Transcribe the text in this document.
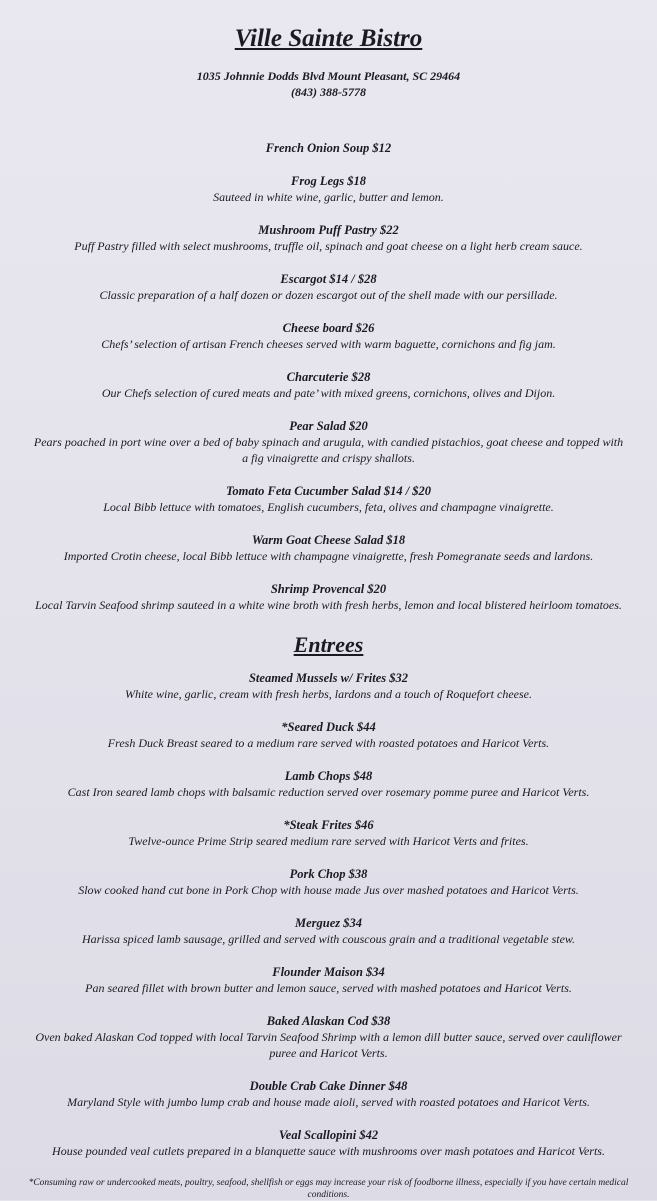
Ville Sainte Bistro
1035 Johnnie Dodds Blvd Mount Pleasant, SC 29464
(843) 388-5778
French Onion Soup $12
Frog Legs $18
Sauteed in white wine, garlic, butter and lemon.
Mushroom Puff Pastry $22
Puff Pastry filled with select mushrooms, truffle oil, spinach and goat cheese on a light herb cream sauce.
Escargot $14 / $28
Classic preparation of a half dozen or dozen escargot out of the shell made with our persillade.
Cheese board $26
Chefs’ selection of artisan French cheeses served with warm baguette, cornichons and fig jam.
Charcuterie $28
Our Chefs selection of cured meats and pate’ with mixed greens, cornichons, olives and Dijon.
Pear Salad $20
Pears poached in port wine over a bed of baby spinach and arugula, with candied pistachios, goat cheese and topped with a fig vinaigrette and crispy shallots.
Tomato Feta Cucumber Salad $14 / $20
Local Bibb lettuce with tomatoes, English cucumbers, feta, olives and champagne vinaigrette.
Warm Goat Cheese Salad $18
Imported Crotin cheese, local Bibb lettuce with champagne vinaigrette, fresh Pomegranate seeds and lardons.
Shrimp Provencal $20
Local Tarvin Seafood shrimp sauteed in a white wine broth with fresh herbs, lemon and local blistered heirloom tomatoes.
Entrees
Steamed Mussels w/ Frites $32
White wine, garlic, cream with fresh herbs, lardons and a touch of Roquefort cheese.
*Seared Duck $44
Fresh Duck Breast seared to a medium rare served with roasted potatoes and Haricot Verts.
Lamb Chops $48
Cast Iron seared lamb chops with balsamic reduction served over rosemary pomme puree and Haricot Verts.
*Steak Frites $46
Twelve-ounce Prime Strip seared medium rare served with Haricot Verts and frites.
Pork Chop $38
Slow cooked hand cut bone in Pork Chop with house made Jus over mashed potatoes and Haricot Verts.
Merguez $34
Harissa spiced lamb sausage, grilled and served with couscous grain and a traditional vegetable stew.
Flounder Maison $34
Pan seared fillet with brown butter and lemon sauce, served with mashed potatoes and Haricot Verts.
Baked Alaskan Cod $38
Oven baked Alaskan Cod topped with local Tarvin Seafood Shrimp with a lemon dill butter sauce, served over cauliflower puree and Haricot Verts.
Double Crab Cake Dinner $48
Maryland Style with jumbo lump crab and house made aioli, served with roasted potatoes and Haricot Verts.
Veal Scallopini $42
House pounded veal cutlets prepared in a blanquette sauce with mushrooms over mash potatoes and Haricot Verts.
*Consuming raw or undercooked meats, poultry, seafood, shellfish or eggs may increase your risk of foodborne illness, especially if you have certain medical conditions.
